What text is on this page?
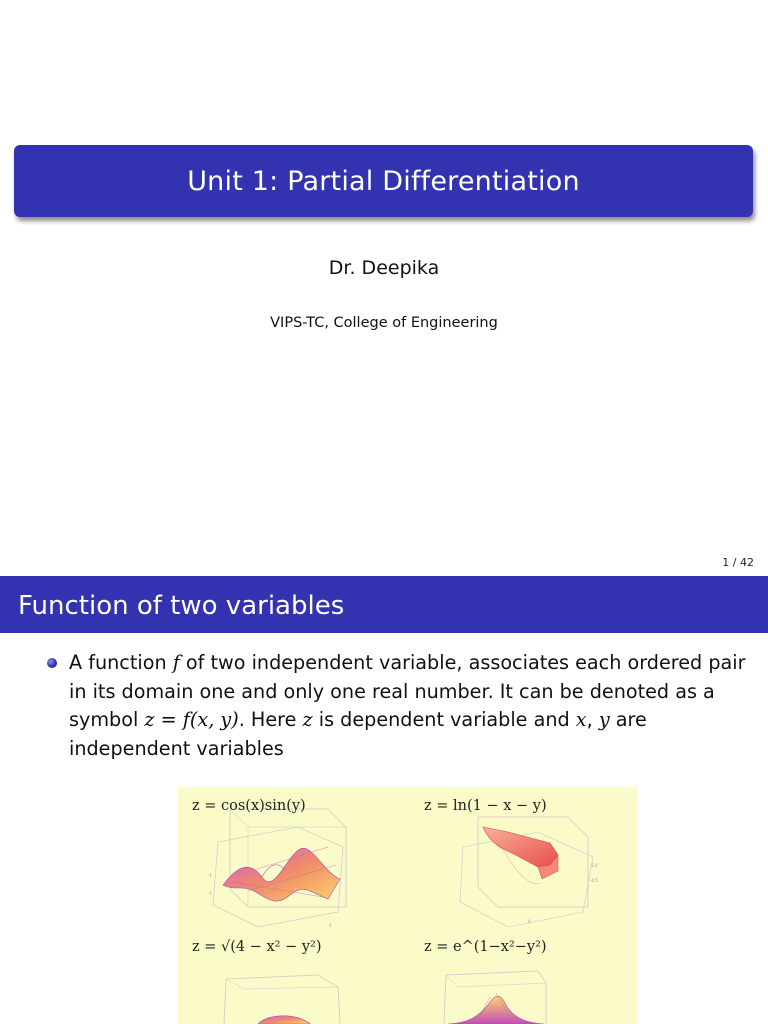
Unit 1: Partial Differentiation
Dr. Deepika
VIPS-TC, College of Engineering
1 / 42
Function of two variables
A function f of two independent variable, associates each ordered pair
in its domain one and only one real number. It can be denoted as a
symbol z = f(x, y). Here z is dependent variable and x, y are
independent variables
-1
-1
-1
-1.0
-0.5
0
z = cos(x)sin(y)	z = ln(1 − x − y)
z = √(4 − x² − y²)	z = e^(1−x²−y²)
